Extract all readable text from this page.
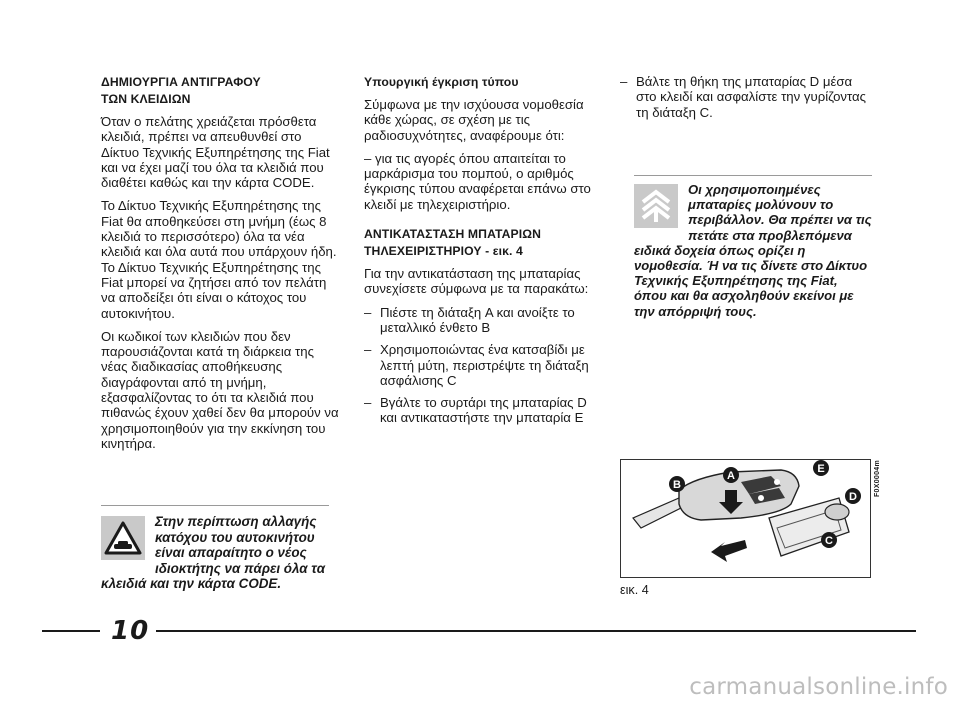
ΔΗΜΙΟΥΡΓΙΑ ΑΝΤΙΓΡΑΦΟΥ
ΤΩΝ ΚΛΕΙΔΙΩΝ

Όταν ο πελάτης χρειάζεται πρόσθετα κλειδιά, πρέπει να απευθυνθεί στο Δίκτυο Τεχνικής Εξυπηρέτησης της Fiat και να έχει μαζί του όλα τα κλειδιά που διαθέτει καθώς και την κάρτα CODE.

Το Δίκτυο Τεχνικής Εξυπηρέτησης της Fiat θα αποθηκεύσει στη μνήμη (έως 8 κλειδιά το περισσότερο) όλα τα νέα κλειδιά και όλα αυτά που υπάρχουν ήδη. Το Δίκτυο Τεχνικής Εξυπηρέτησης της Fiat μπορεί να ζητήσει από τον πελάτη να αποδείξει ότι είναι ο κάτοχος του αυτοκινήτου.

Οι κωδικοί των κλειδιών που δεν παρουσιάζονται κατά τη διάρκεια της νέας διαδικασίας αποθήκευσης διαγράφονται από τη μνήμη, εξασφαλίζοντας το ότι τα κλειδιά που πιθανώς έχουν χαθεί δεν θα μπορούν να χρησιμοποιηθούν για την εκκίνηση του κινητήρα.

Στην περίπτωση αλλαγής κατόχου του αυτοκινήτου είναι απαραίτητο ο νέος ιδιοκτήτης να πάρει όλα τα κλειδιά και την κάρτα CODE.
Υπουργική έγκριση τύπου

Σύμφωνα με την ισχύουσα νομοθεσία κάθε χώρας, σε σχέση με τις ραδιοσυχνότητες, αναφέρουμε ότι:

– για τις αγορές όπου απαιτείται το μαρκάρισμα του πομπού, ο αριθμός έγκρισης τύπου αναφέρεται επάνω στο κλειδί με τηλεχειριστήριο.

ΑΝΤΙΚΑΤΑΣΤΑΣΗ ΜΠΑΤΑΡΙΩΝ
ΤΗΛΕΧΕΙΡΙΣΤΗΡΙΟΥ - εικ. 4

Για την αντικατάσταση της μπαταρίας συνεχίσετε σύμφωνα με τα παρακάτω:

– Πιέστε τη διάταξη A και ανοίξτε το μεταλλικό ένθετο B
– Χρησιμοποιώντας ένα κατσαβίδι με λεπτή μύτη, περιστρέψτε τη διάταξη ασφάλισης C
– Βγάλτε το συρτάρι της μπαταρίας D και αντικαταστήστε την μπαταρία E
– Βάλτε τη θήκη της μπαταρίας D μέσα στο κλειδί και ασφαλίστε την γυρίζοντας τη διάταξη C.
Οι χρησιμοποιημένες μπαταρίες μολύνουν το περιβάλλον. Θα πρέπει να τις πετάτε στα προβλεπόμενα ειδικά δοχεία όπως ορίζει η νομοθεσία. Ή να τις δίνετε στο Δίκτυο Τεχνικής Εξυπηρέτησης της Fiat, όπου και θα ασχοληθούν εκείνοι με την απόρριψή τους.
A
B
C
D
E	F0X0004m
εικ. 4
10
carmanualsonline.info
